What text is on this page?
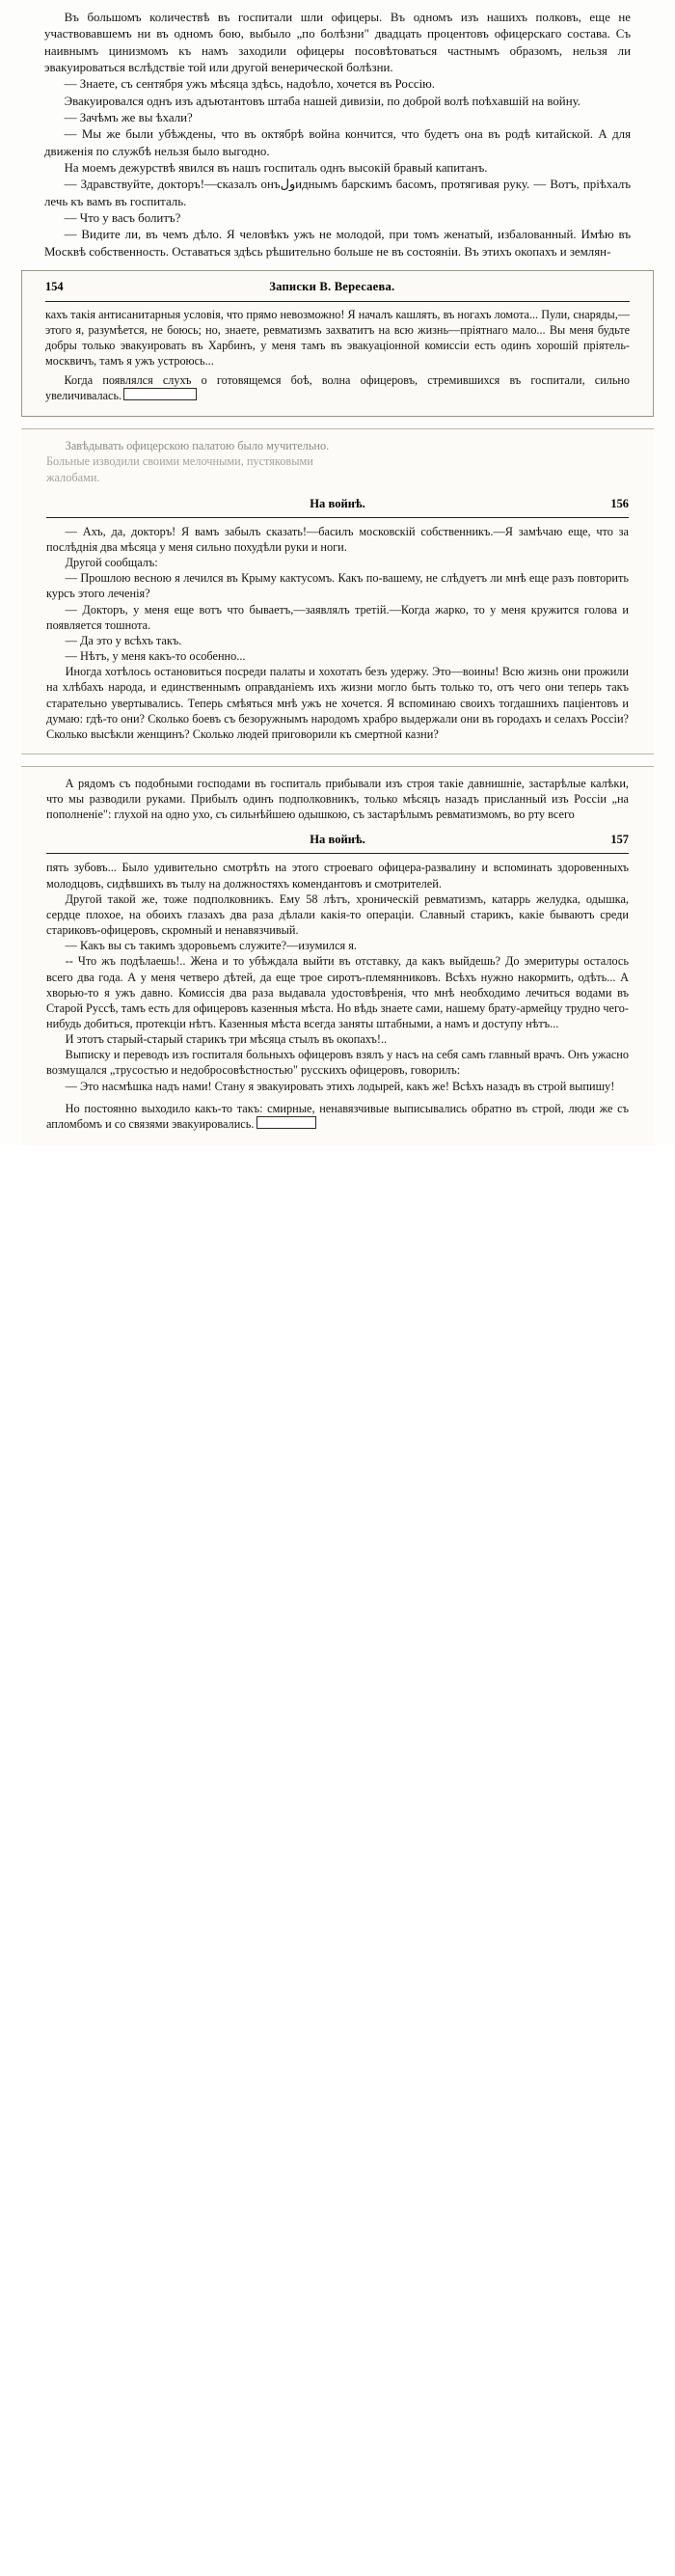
Въ большомъ количествѣ въ госпитали шли офицеры. Въ одномъ изъ нашихъ полковъ, еще не участвовавшемъ ни въ одномъ бою, выбыло „по болѣзни" двадцать процентовъ офицерскаго состава. Съ наивнымъ цинизмомъ къ намъ заходили офицеры посовѣтоваться частнымъ образомъ, нельзя ли эвакуироваться вслѣдствіе той или другой венерической болѣзни.

— Знаете, съ сентября ужъ мѣсяца здѣсь, надоѣло, хочется въ Россію.

Эвакуировался однъ изъ адъютантовъ штаба нашей дивизіи, по доброй волѣ поѣхавшій на войну.

— Зачѣмъ же вы ѣхали?

— Мы же были убѣждены, что въ октябрѣ война кончится, что будетъ она въ родѣ китайской. А для движенія по службѣ нельзя было выгодно.

На моемъ дежурствѣ явился въ нашъ госпиталь однъ высокій бравый капитанъ.

— Здравствуйте, докторъ!—сказалъ онъولиднымъ барскимъ басомъ, протягивая руку. — Вотъ, пріѣхалъ лечь къ вамъ въ госпиталь.

— Что у васъ болитъ?

— Видите ли, въ чемъ дѣло. Я человѣкъ ужъ не молодой, при томъ женатый, избалованный. Имѣю въ Москвѣ собственность. Оставаться здѣсь рѣшительно больше не въ состояніи. Въ этихъ окопахъ и землян-

154	Записки В. Вересаева.

кахъ такія антисанитарныя условія, что прямо невозможно! Я началъ кашлять, въ ногахъ ломота... Пули, снаряды,—этого я, разумѣется, не боюсь; но, знаете, ревматизмъ захватитъ на всю жизнь—пріятнаго мало... Вы меня будьте добры только эвакуировать въ Харбинъ, у меня тамъ въ эвакуаціонной комиссіи есть одинъ хорошій пріятель-москвичъ, тамъ я ужъ устроюсь...

Когда появлялся слухъ о готовящемся боѣ, волна офицеровъ, стремившихся въ госпитали, сильно увеличивалась.

Завѣдывать офицерскою палатою было мучительно.

Больные изводили своими мелочными, пустяковыми

жалобами.

На войнѣ.	156

— Ахъ, да, докторъ! Я вамъ забылъ сказать!—басилъ московскій собственникъ.—Я замѣчаю еще, что за послѣднія два мѣсяца у меня сильно похудѣли руки и ноги.

Другой сообщалъ:

— Прошлою весною я лечился въ Крыму кактусомъ. Какъ по-вашему, не слѣдуетъ ли мнѣ еще разъ повторить курсъ этого леченія?

— Докторъ, у меня еще вотъ что бываетъ,—заявлялъ третій.—Когда жарко, то у меня кружится голова и появляется тошнота.

— Да это у всѣхъ такъ.

— Нѣтъ, у меня какъ-то особенно...

Иногда хотѣлось остановиться посреди палаты и хохотать безъ удержу. Это—воины! Всю жизнь они прожили на хлѣбахъ народа, и единственнымъ оправданіемъ ихъ жизни могло быть только то, отъ чего они теперь такъ старательно увертывались. Теперь смѣяться мнѣ ужъ не хочется. Я вспоминаю своихъ тогдашнихъ паціентовъ и думаю: гдѣ-то они? Сколько боевъ съ безоружнымъ народомъ храбро выдержали они въ городахъ и селахъ Россіи? Сколько высѣкли женщинъ? Сколько людей приговорили къ смертной казни?

А рядомъ съ подобными господами въ госпиталь прибывали изъ строя такіе давнишніе, застарѣлые калѣки, что мы разводили руками. Прибылъ одинъ подполковникъ, только мѣсяцъ назадъ присланный изъ Россіи „на пополненіе": глухой на одно ухо, съ сильнѣйшею одышкою, съ застарѣлымъ ревматизмомъ, во рту всего

На войнѣ.	157

пять зубовъ... Было удивительно смотрѣть на этого строеваго офицера-развалину и вспоминать здоровенныхъ молодцовъ, сидѣвшихъ въ тылу на должностяхъ комендантовъ и смотрителей.

Другой такой же, тоже подполковникъ. Ему 58 лѣтъ, хроническій ревматизмъ, катаррь желудка, одышка, сердце плохое, на обоихъ глазахъ два раза дѣлали какія-то операціи. Славный старикъ, какіе бываютъ среди стариковъ-офицеровъ, скромный и ненавязчивый.

— Какъ вы съ такимъ здоровьемъ служите?—изумился я.

-- Что жъ подѣлаешь!.. Жена и то убѣждала выйти въ отставку, да какъ выйдешь? До эмеритуры осталось всего два года. А у меня четверо дѣтей, да еще трое сиротъ-племянниковъ. Всѣхъ нужно накормить, одѣть... А хворью-то я ужъ давно. Комиссія два раза выдавала удостовѣренія, что мнѣ необходимо лечиться водами въ Старой Руссѣ, тамъ есть для офицеровъ казенныя мѣста. Но вѣдь знаете сами, нашему брату-армейцу трудно чего-нибудь добиться, протекціи нѣтъ. Казенныя мѣста всегда заняты штабными, а намъ и доступу нѣтъ...

И этотъ старый-старый старикъ три мѣсяца стылъ въ окопахъ!..

Выписку и переводъ изъ госпиталя больныхъ офицеровъ взялъ у насъ на себя самъ главный врачъ. Онъ ужасно возмущался „трусостью и недобросовѣстностью" русскихъ офицеровъ, говорилъ:

— Это насмѣшка надъ нами! Стану я эвакуировать этихъ лодырей, какъ же! Всѣхъ назадъ въ строй выпишу!

Но постоянно выходило какъ-то такъ: смирные, ненавязчивые выписывались обратно въ строй, люди же съ апломбомъ и со связями эвакуировались.
